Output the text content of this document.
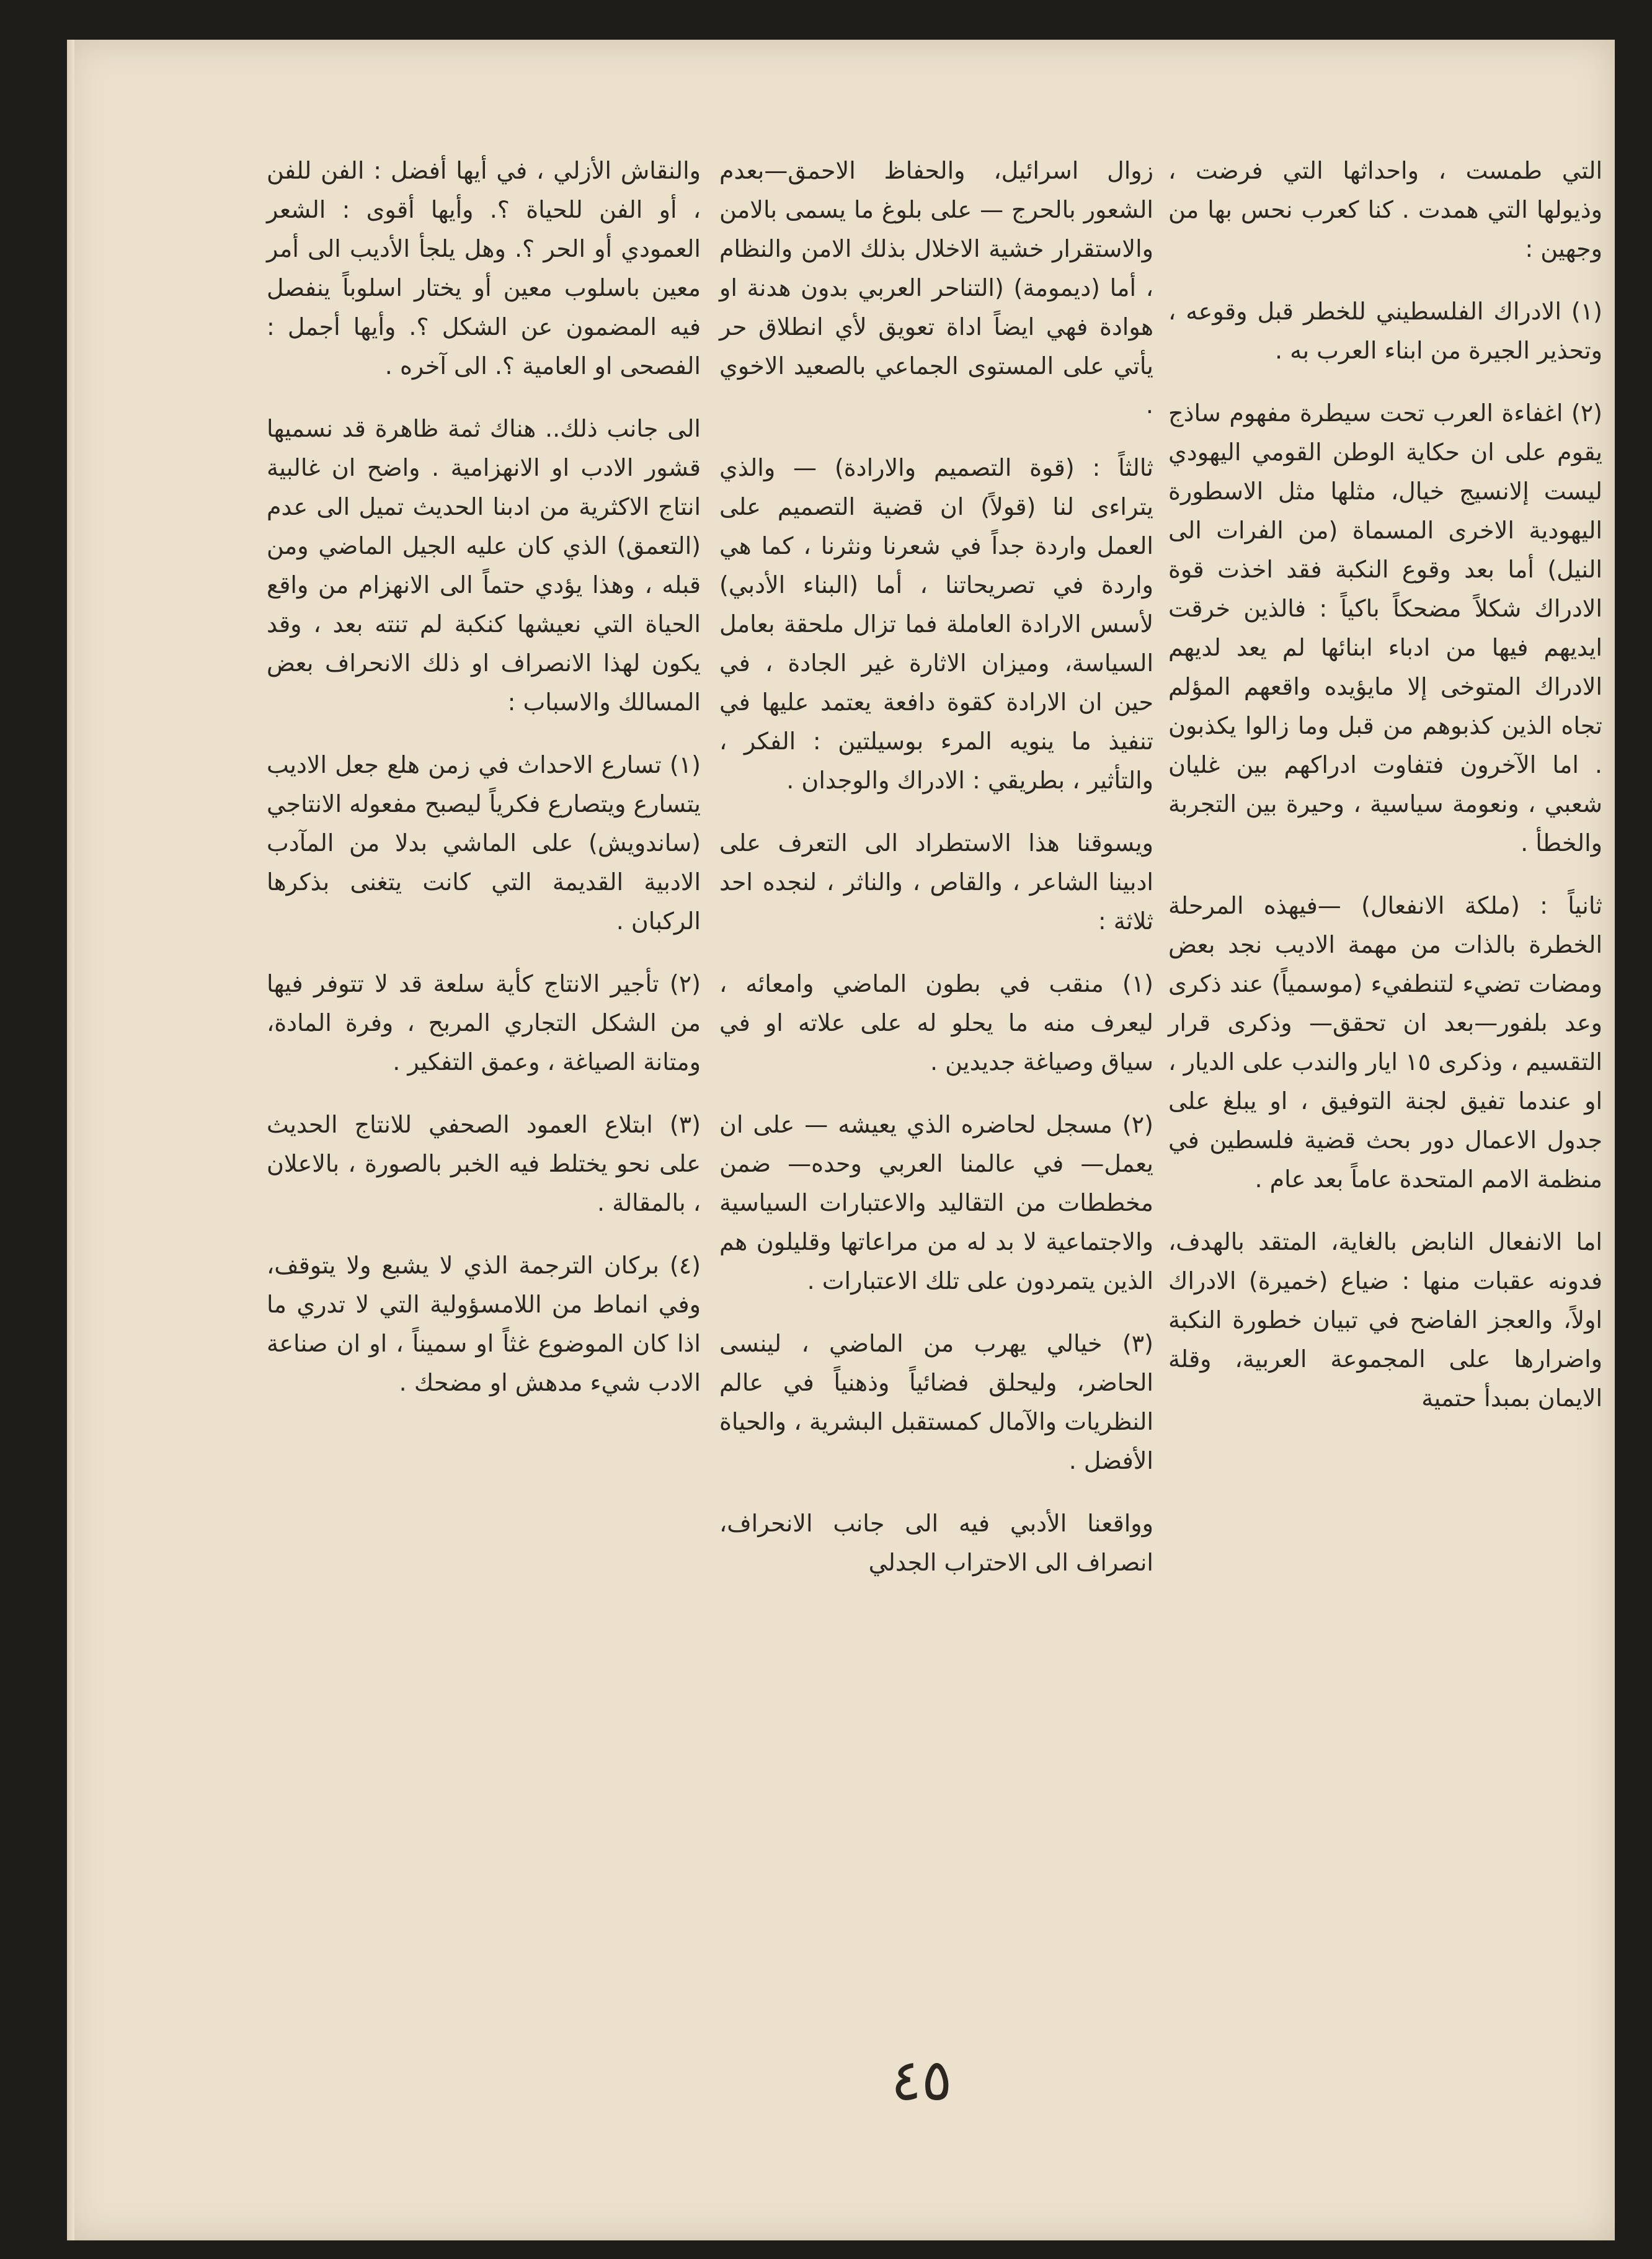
التي طمست ، واحداثها التي فرضت ، وذيولها التي همدت . كنا كعرب نحس بها من وجهين :

(١) الادراك الفلسطيني للخطر قبل وقوعه ، وتحذير الجيرة من ابناء العرب به .

(٢) اغفاءة العرب تحت سيطرة مفهوم ساذج يقوم على ان حكاية الوطن القومي اليهودي ليست إلانسيج خيال، مثلها مثل الاسطورة اليهودية الاخرى المسماة (من الفرات الى النيل) أما بعد وقوع النكبة فقد اخذت قوة الادراك شكلاً مضحكاً باكياً : فالذين خرقت ايديهم فيها من ادباء ابنائها لم يعد لديهم الادراك المتوخى إلا مايؤيده واقعهم المؤلم تجاه الذين كذبوهم من قبل وما زالوا يكذبون . اما الآخرون فتفاوت ادراكهم بين غليان شعبي ، ونعومة سياسية ، وحيرة بين التجربة والخطأ .

ثانياً : (ملكة الانفعال) —فيهذه المرحلة الخطرة بالذات من مهمة الاديب نجد بعض ومضات تضيء لتنطفيء (موسمياً) عند ذكرى وعد بلفور—بعد ان تحقق— وذكرى قرار التقسيم ، وذكرى ١٥ ايار والندب على الديار ، او عندما تفيق لجنة التوفيق ، او يبلغ على جدول الاعمال دور بحث قضية فلسطين في منظمة الامم المتحدة عاماً بعد عام .

اما الانفعال النابض بالغاية، المتقد بالهدف، فدونه عقبات منها : ضياع (خميرة) الادراك اولاً، والعجز الفاضح في تبيان خطورة النكبة واضرارها على المجموعة العربية، وقلة الايمان بمبدأ حتمية

زوال اسرائيل، والحفاظ الاحمق—بعدم الشعور بالحرج — على بلوغ ما يسمى بالامن والاستقرار خشية الاخلال بذلك الامن والنظام ، أما (ديمومة) (التناحر العربي بدون هدنة او هوادة فهي ايضاً اداة تعويق لأي انطلاق حر يأتي على المستوى الجماعي بالصعيد الاخوي .

ثالثاً : (قوة التصميم والارادة) — والذي يتراءى لنا (قولاً) ان قضية التصميم على العمل واردة جداً في شعرنا ونثرنا ، كما هي واردة في تصريحاتنا ، أما (البناء الأدبي) لأسس الارادة العاملة فما تزال ملحقة بعامل السياسة، وميزان الاثارة غير الجادة ، في حين ان الارادة كقوة دافعة يعتمد عليها في تنفيذ ما ينويه المرء بوسيلتين : الفكر ، والتأثير ، بطريقي : الادراك والوجدان .

ويسوقنا هذا الاستطراد الى التعرف على ادبينا الشاعر ، والقاص ، والناثر ، لنجده احد ثلاثة :

(١) منقب في بطون الماضي وامعائه ، ليعرف منه ما يحلو له على علاته او في سياق وصياغة جديدين .

(٢) مسجل لحاضره الذي يعيشه — على ان يعمل— في عالمنا العربي وحده— ضمن مخططات من التقاليد والاعتبارات السياسية والاجتماعية لا بد له من مراعاتها وقليلون هم الذين يتمردون على تلك الاعتبارات .

(٣) خيالي يهرب من الماضي ، لينسى الحاضر، وليحلق فضائياً وذهنياً في عالم النظريات والآمال كمستقبل البشرية ، والحياة الأفضل .

وواقعنا الأدبي فيه الى جانب الانحراف، انصراف الى الاحتراب الجدلي

والنقاش الأزلي ، في أيها أفضل : الفن للفن ، أو الفن للحياة ؟. وأيها أقوى : الشعر العمودي أو الحر ؟. وهل يلجأ الأديب الى أمر معين باسلوب معين أو يختار اسلوباً ينفصل فيه المضمون عن الشكل ؟. وأيها أجمل : الفصحى او العامية ؟. الى آخره .

الى جانب ذلك.. هناك ثمة ظاهرة قد نسميها قشور الادب او الانهزامية . واضح ان غالبية انتاج الاكثرية من ادبنا الحديث تميل الى عدم (التعمق) الذي كان عليه الجيل الماضي ومن قبله ، وهذا يؤدي حتماً الى الانهزام من واقع الحياة التي نعيشها كنكبة لم تنته بعد ، وقد يكون لهذا الانصراف او ذلك الانحراف بعض المسالك والاسباب :

(١) تسارع الاحداث في زمن هلع جعل الاديب يتسارع ويتصارع فكرياً ليصبح مفعوله الانتاجي (ساندويش) على الماشي بدلا من المآدب الادبية القديمة التي كانت يتغنى بذكرها الركبان .

(٢) تأجير الانتاج كأية سلعة قد لا تتوفر فيها من الشكل التجاري المربح ، وفرة المادة، ومتانة الصياغة ، وعمق التفكير .

(٣) ابتلاع العمود الصحفي للانتاج الحديث على نحو يختلط فيه الخبر بالصورة ، بالاعلان ، بالمقالة .

(٤) بركان الترجمة الذي لا يشبع ولا يتوقف، وفي انماط من اللامسؤولية التي لا تدري ما اذا كان الموضوع غثاً او سميناً ، او ان صناعة الادب شيء مدهش او مضحك .

٤٥
